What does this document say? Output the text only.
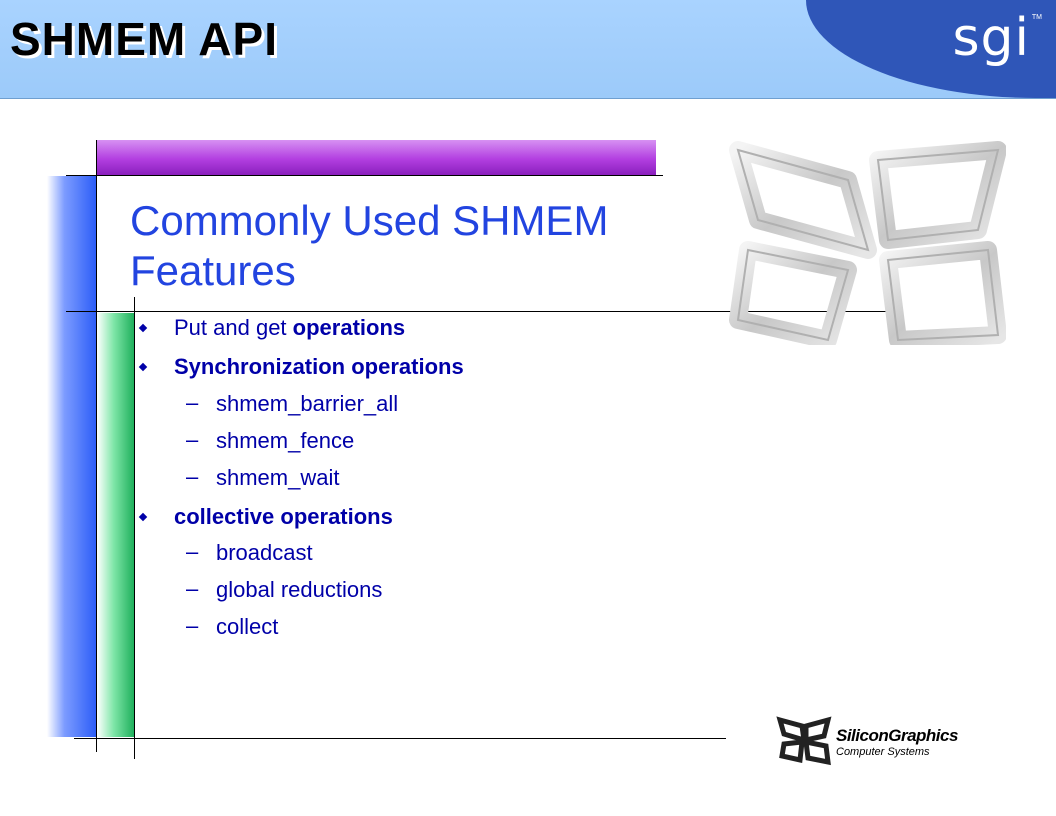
SHMEM API	sgi TM
Commonly Used SHMEM
Features
Put and get operations
Synchronization operations
– shmem_barrier_all
– shmem_fence
– shmem_wait
collective operations
– broadcast
– global reductions
– collect
SiliconGraphics
Computer Systems
